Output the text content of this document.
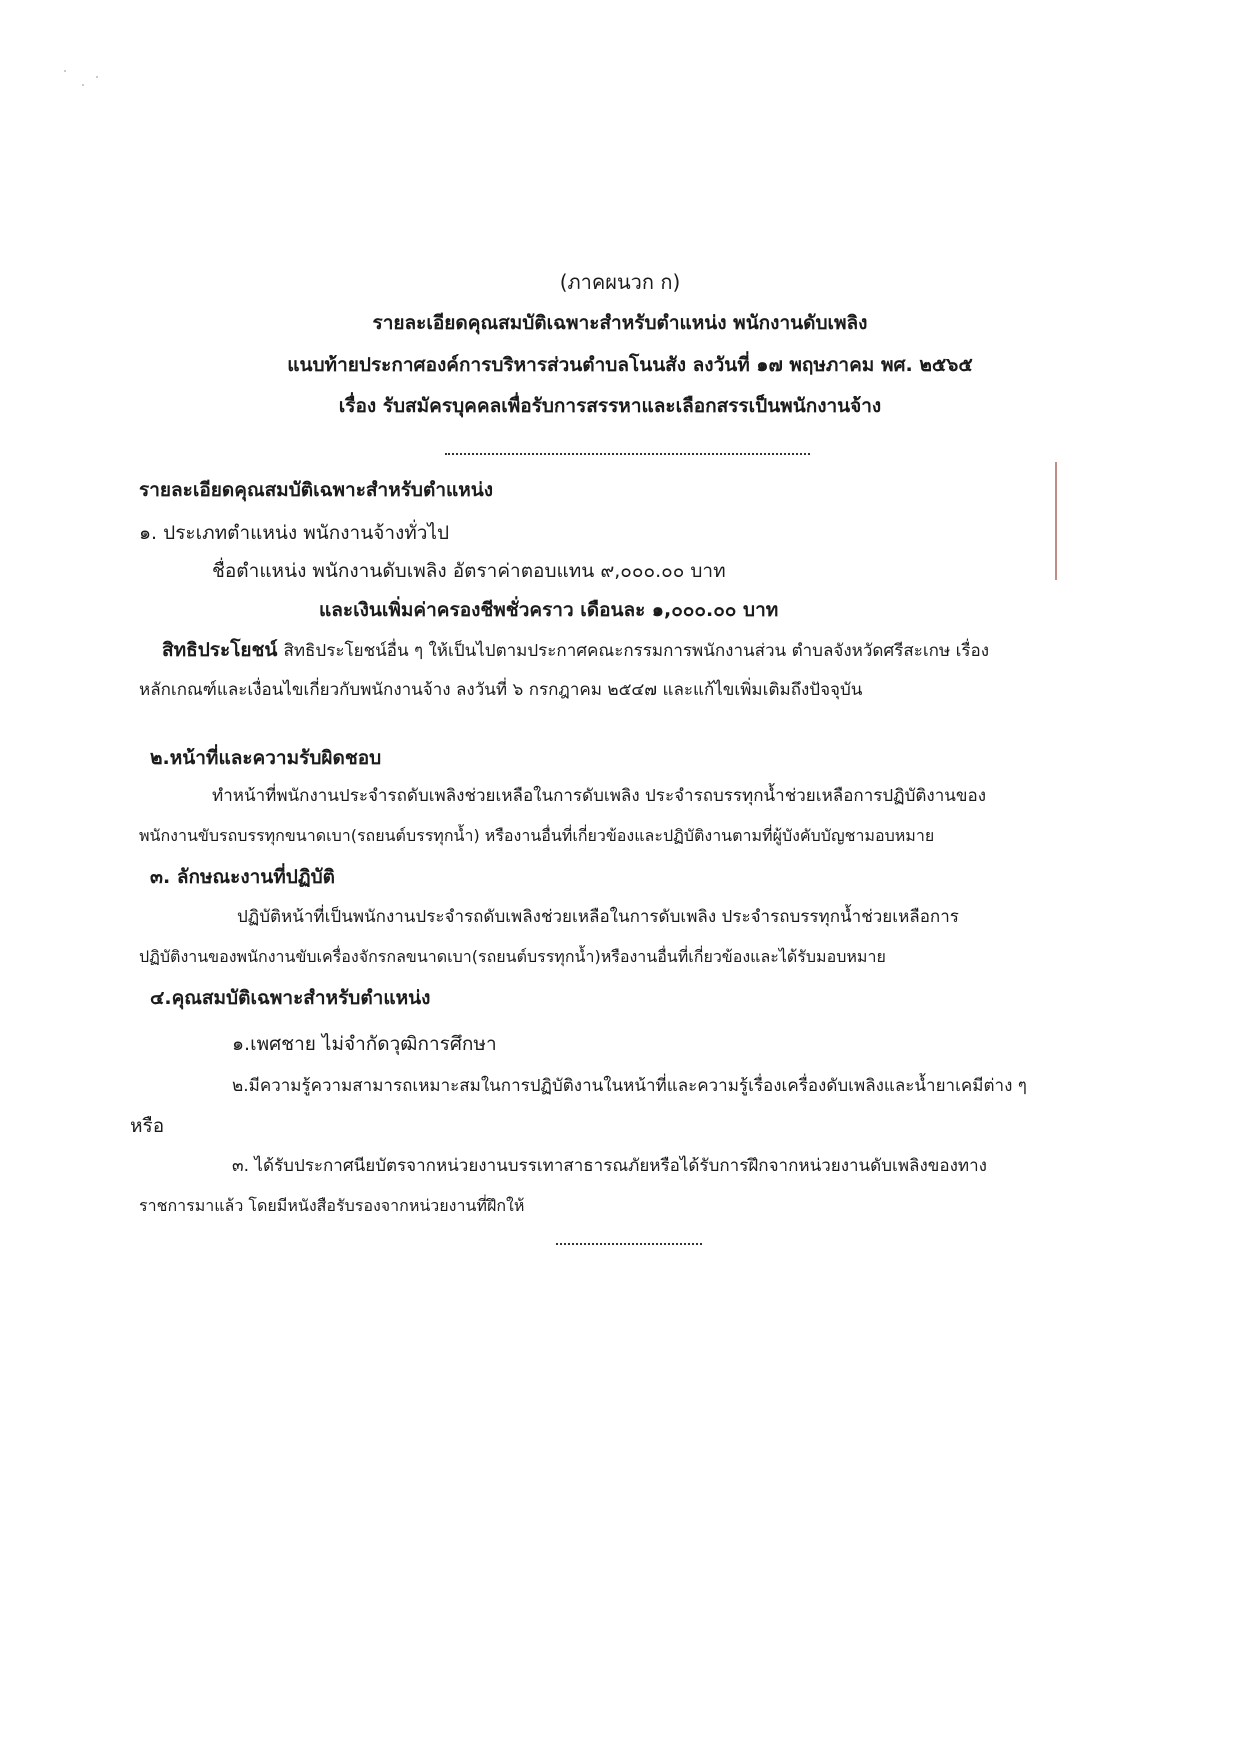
(ภาคผนวก ก)
รายละเอียดคุณสมบัติเฉพาะสำหรับตำแหน่ง พนักงานดับเพลิง
แนบท้ายประกาศองค์การบริหารส่วนตำบลโนนสัง ลงวันที่ ๑๗ พฤษภาคม พศ. ๒๕๖๕
เรื่อง รับสมัครบุคคลเพื่อรับการสรรหาและเลือกสรรเป็นพนักงานจ้าง
รายละเอียดคุณสมบัติเฉพาะสำหรับตำแหน่ง
๑. ประเภทตำแหน่ง พนักงานจ้างทั่วไป
ชื่อตำแหน่ง พนักงานดับเพลิง อัตราค่าตอบแทน ๙,๐๐๐.๐๐ บาท
และเงินเพิ่มค่าครองชีพชั่วคราว เดือนละ ๑,๐๐๐.๐๐ บาท
สิทธิประโยชน์ สิทธิประโยชน์อื่น ๆ ให้เป็นไปตามประกาศคณะกรรมการพนักงานส่วน ตำบลจังหวัดศรีสะเกษ เรื่อง
หลักเกณฑ์และเงื่อนไขเกี่ยวกับพนักงานจ้าง ลงวันที่ ๖ กรกฎาคม ๒๕๔๗ และแก้ไขเพิ่มเติมถึงปัจจุบัน
๒.หน้าที่และความรับผิดชอบ
ทำหน้าที่พนักงานประจำรถดับเพลิงช่วยเหลือในการดับเพลิง ประจำรถบรรทุกน้ำช่วยเหลือการปฏิบัติงานของ
พนักงานขับรถบรรทุกขนาดเบา(รถยนต์บรรทุกน้ำ) หรืองานอื่นที่เกี่ยวข้องและปฏิบัติงานตามที่ผู้บังคับบัญชามอบหมาย
๓. ลักษณะงานที่ปฏิบัติ
ปฏิบัติหน้าที่เป็นพนักงานประจำรถดับเพลิงช่วยเหลือในการดับเพลิง ประจำรถบรรทุกน้ำช่วยเหลือการ
ปฏิบัติงานของพนักงานขับเครื่องจักรกลขนาดเบา(รถยนต์บรรทุกน้ำ)หรืองานอื่นที่เกี่ยวข้องและได้รับมอบหมาย
๔.คุณสมบัติเฉพาะสำหรับตำแหน่ง
๑.เพศชาย ไม่จำกัดวุฒิการศึกษา
๒.มีความรู้ความสามารถเหมาะสมในการปฏิบัติงานในหน้าที่และความรู้เรื่องเครื่องดับเพลิงและน้ำยาเคมีต่าง ๆ
หรือ
๓. ได้รับประกาศนียบัตรจากหน่วยงานบรรเทาสาธารณภัยหรือได้รับการฝึกจากหน่วยงานดับเพลิงของทาง
ราชการมาแล้ว โดยมีหนังสือรับรองจากหน่วยงานที่ฝึกให้
